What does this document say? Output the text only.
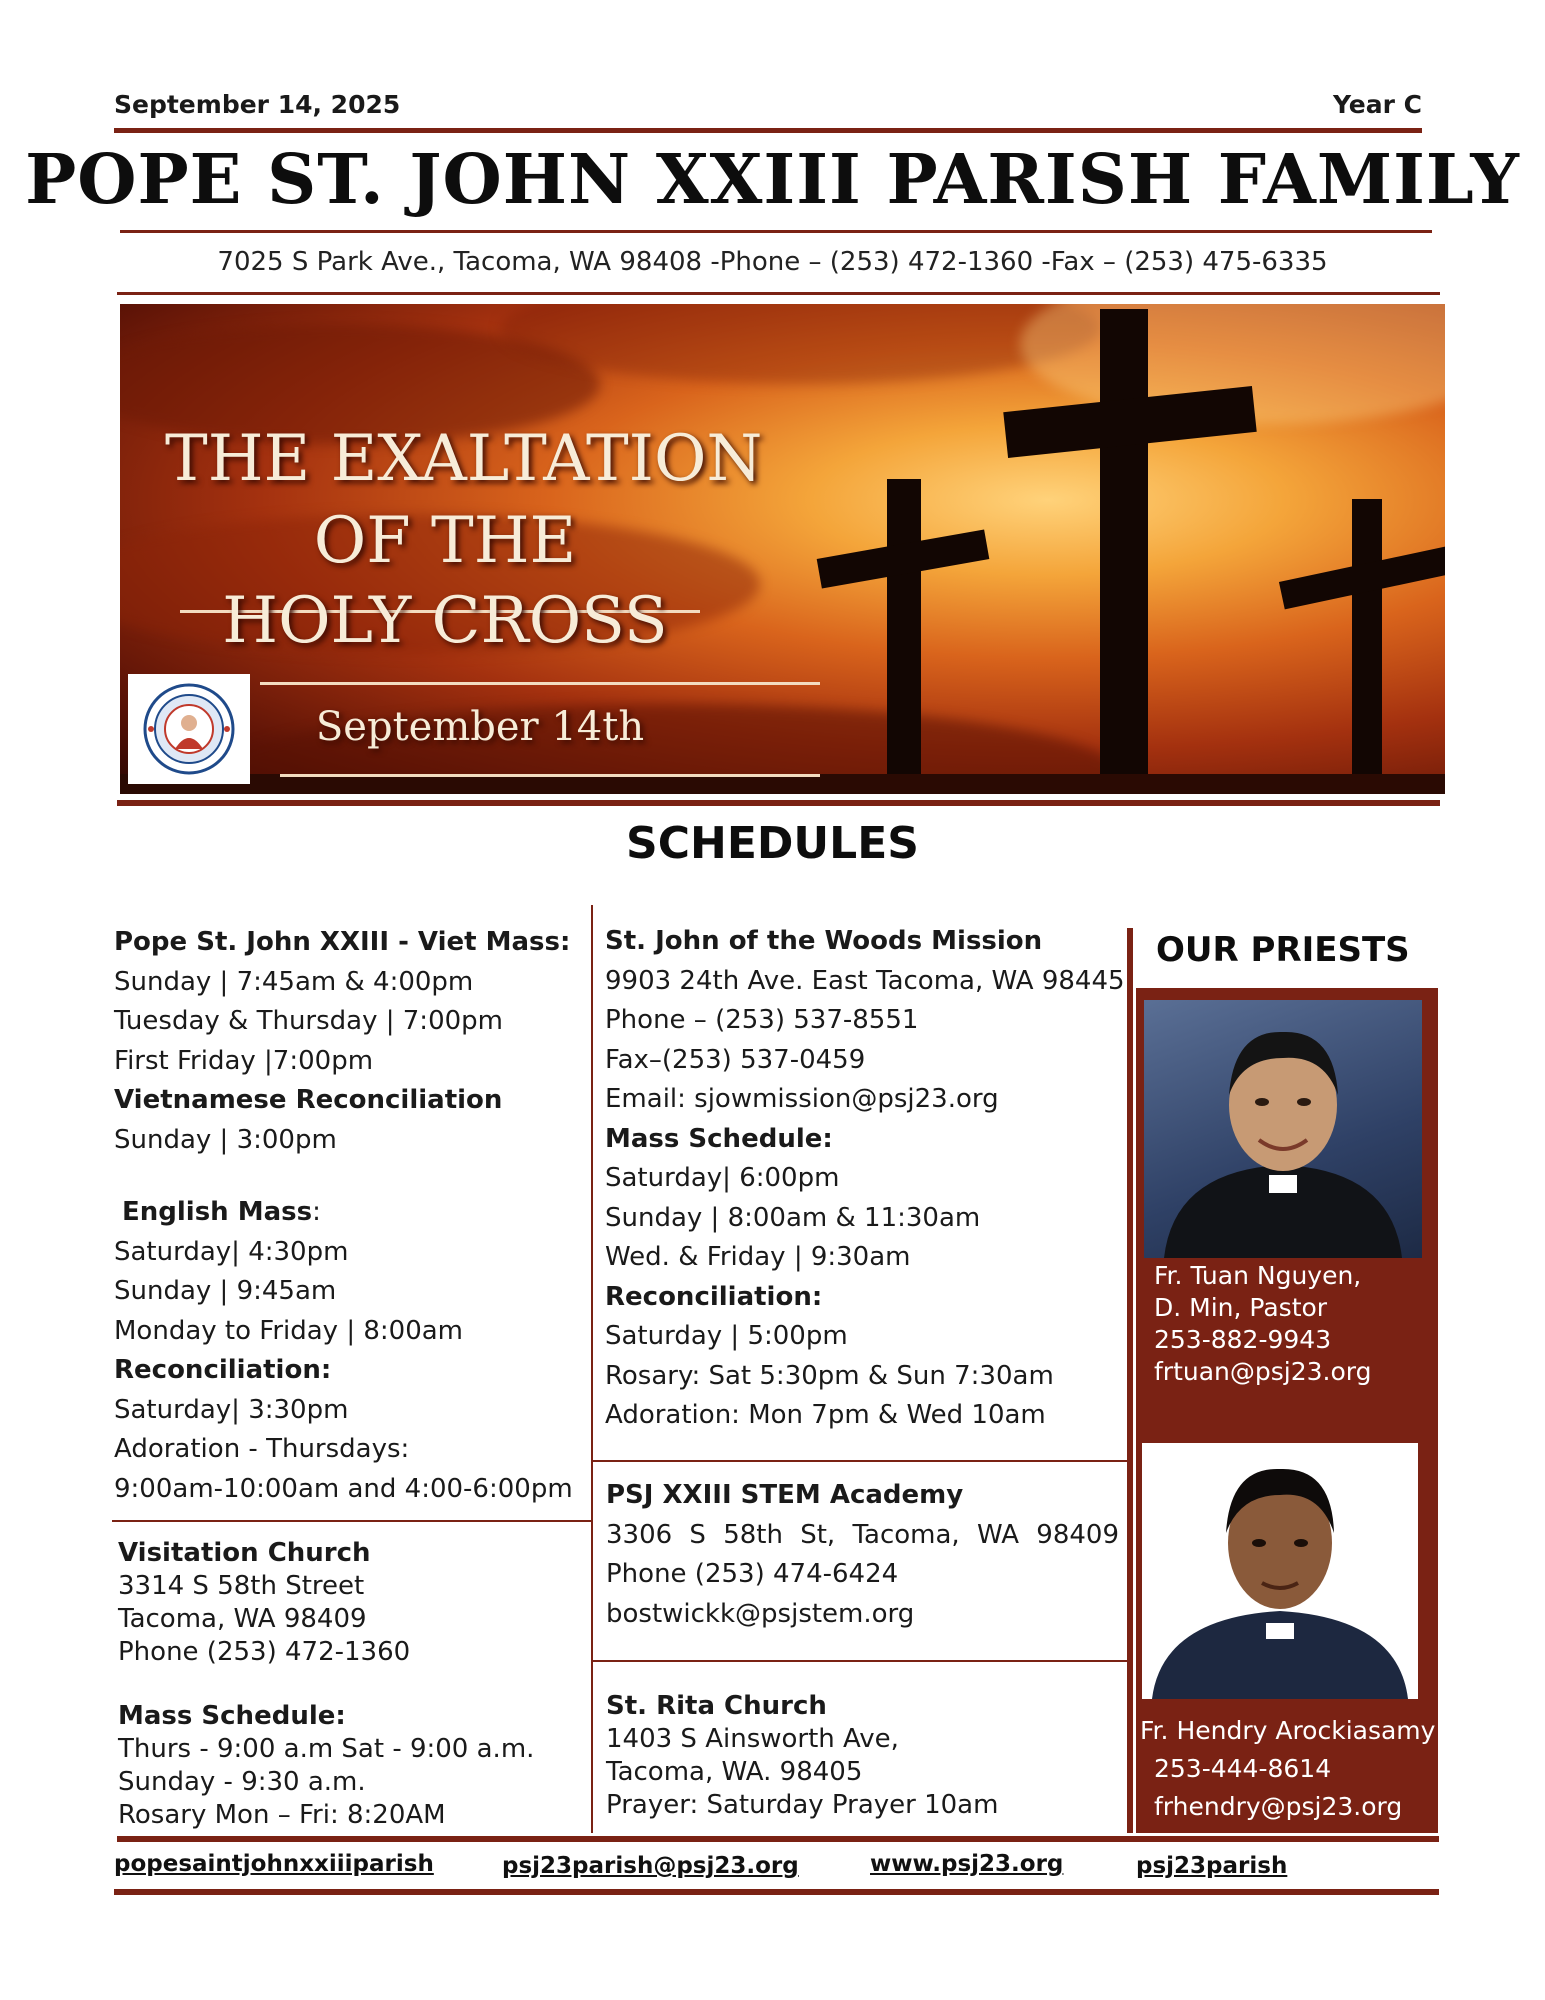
September 14, 2025	Year C
POPE ST. JOHN XXIII PARISH FAMILY
7025 S Park Ave., Tacoma, WA 98408 -Phone – (253) 472-1360 -Fax – (253) 475-6335
THE EXALTATION
OF THE
HOLY CROSS
September 14th
SCHEDULES
Pope St. John XXIII - Viet Mass:
Sunday | 7:45am & 4:00pm
Tuesday & Thursday | 7:00pm
First Friday |7:00pm
Vietnamese Reconciliation
Sunday | 3:00pm
English Mass:
Saturday| 4:30pm
Sunday | 9:45am
Monday to Friday | 8:00am
Reconciliation:
Saturday| 3:30pm
Adoration - Thursdays:
9:00am-10:00am and 4:00-6:00pm
Visitation Church
3314 S 58th Street
Tacoma, WA 98409
Phone (253) 472-1360
Mass Schedule:
Thurs - 9:00 a.m Sat - 9:00 a.m.
Sunday - 9:30 a.m.
Rosary Mon – Fri: 8:20AM
St. John of the Woods Mission
9903 24th Ave. East Tacoma, WA 98445
Phone – (253) 537-8551
Fax–(253) 537-0459
Email: sjowmission@psj23.org
Mass Schedule:
Saturday| 6:00pm
Sunday | 8:00am & 11:30am
Wed. & Friday | 9:30am
Reconciliation:
Saturday | 5:00pm
Rosary: Sat 5:30pm & Sun 7:30am
Adoration: Mon 7pm & Wed 10am
PSJ XXIII STEM Academy
3306 S 58th St, Tacoma, WA 98409
Phone (253) 474-6424
bostwickk@psjstem.org
St. Rita Church
1403 S Ainsworth Ave,
Tacoma, WA. 98405
Prayer: Saturday Prayer 10am
OUR PRIESTS
Fr. Tuan Nguyen,
D. Min, Pastor
253-882-9943
frtuan@psj23.org
Fr. Hendry Arockiasamy
253-444-8614
frhendry@psj23.org
popesaintjohnxxiiiparish	psj23parish@psj23.org	www.psj23.org	psj23parish
